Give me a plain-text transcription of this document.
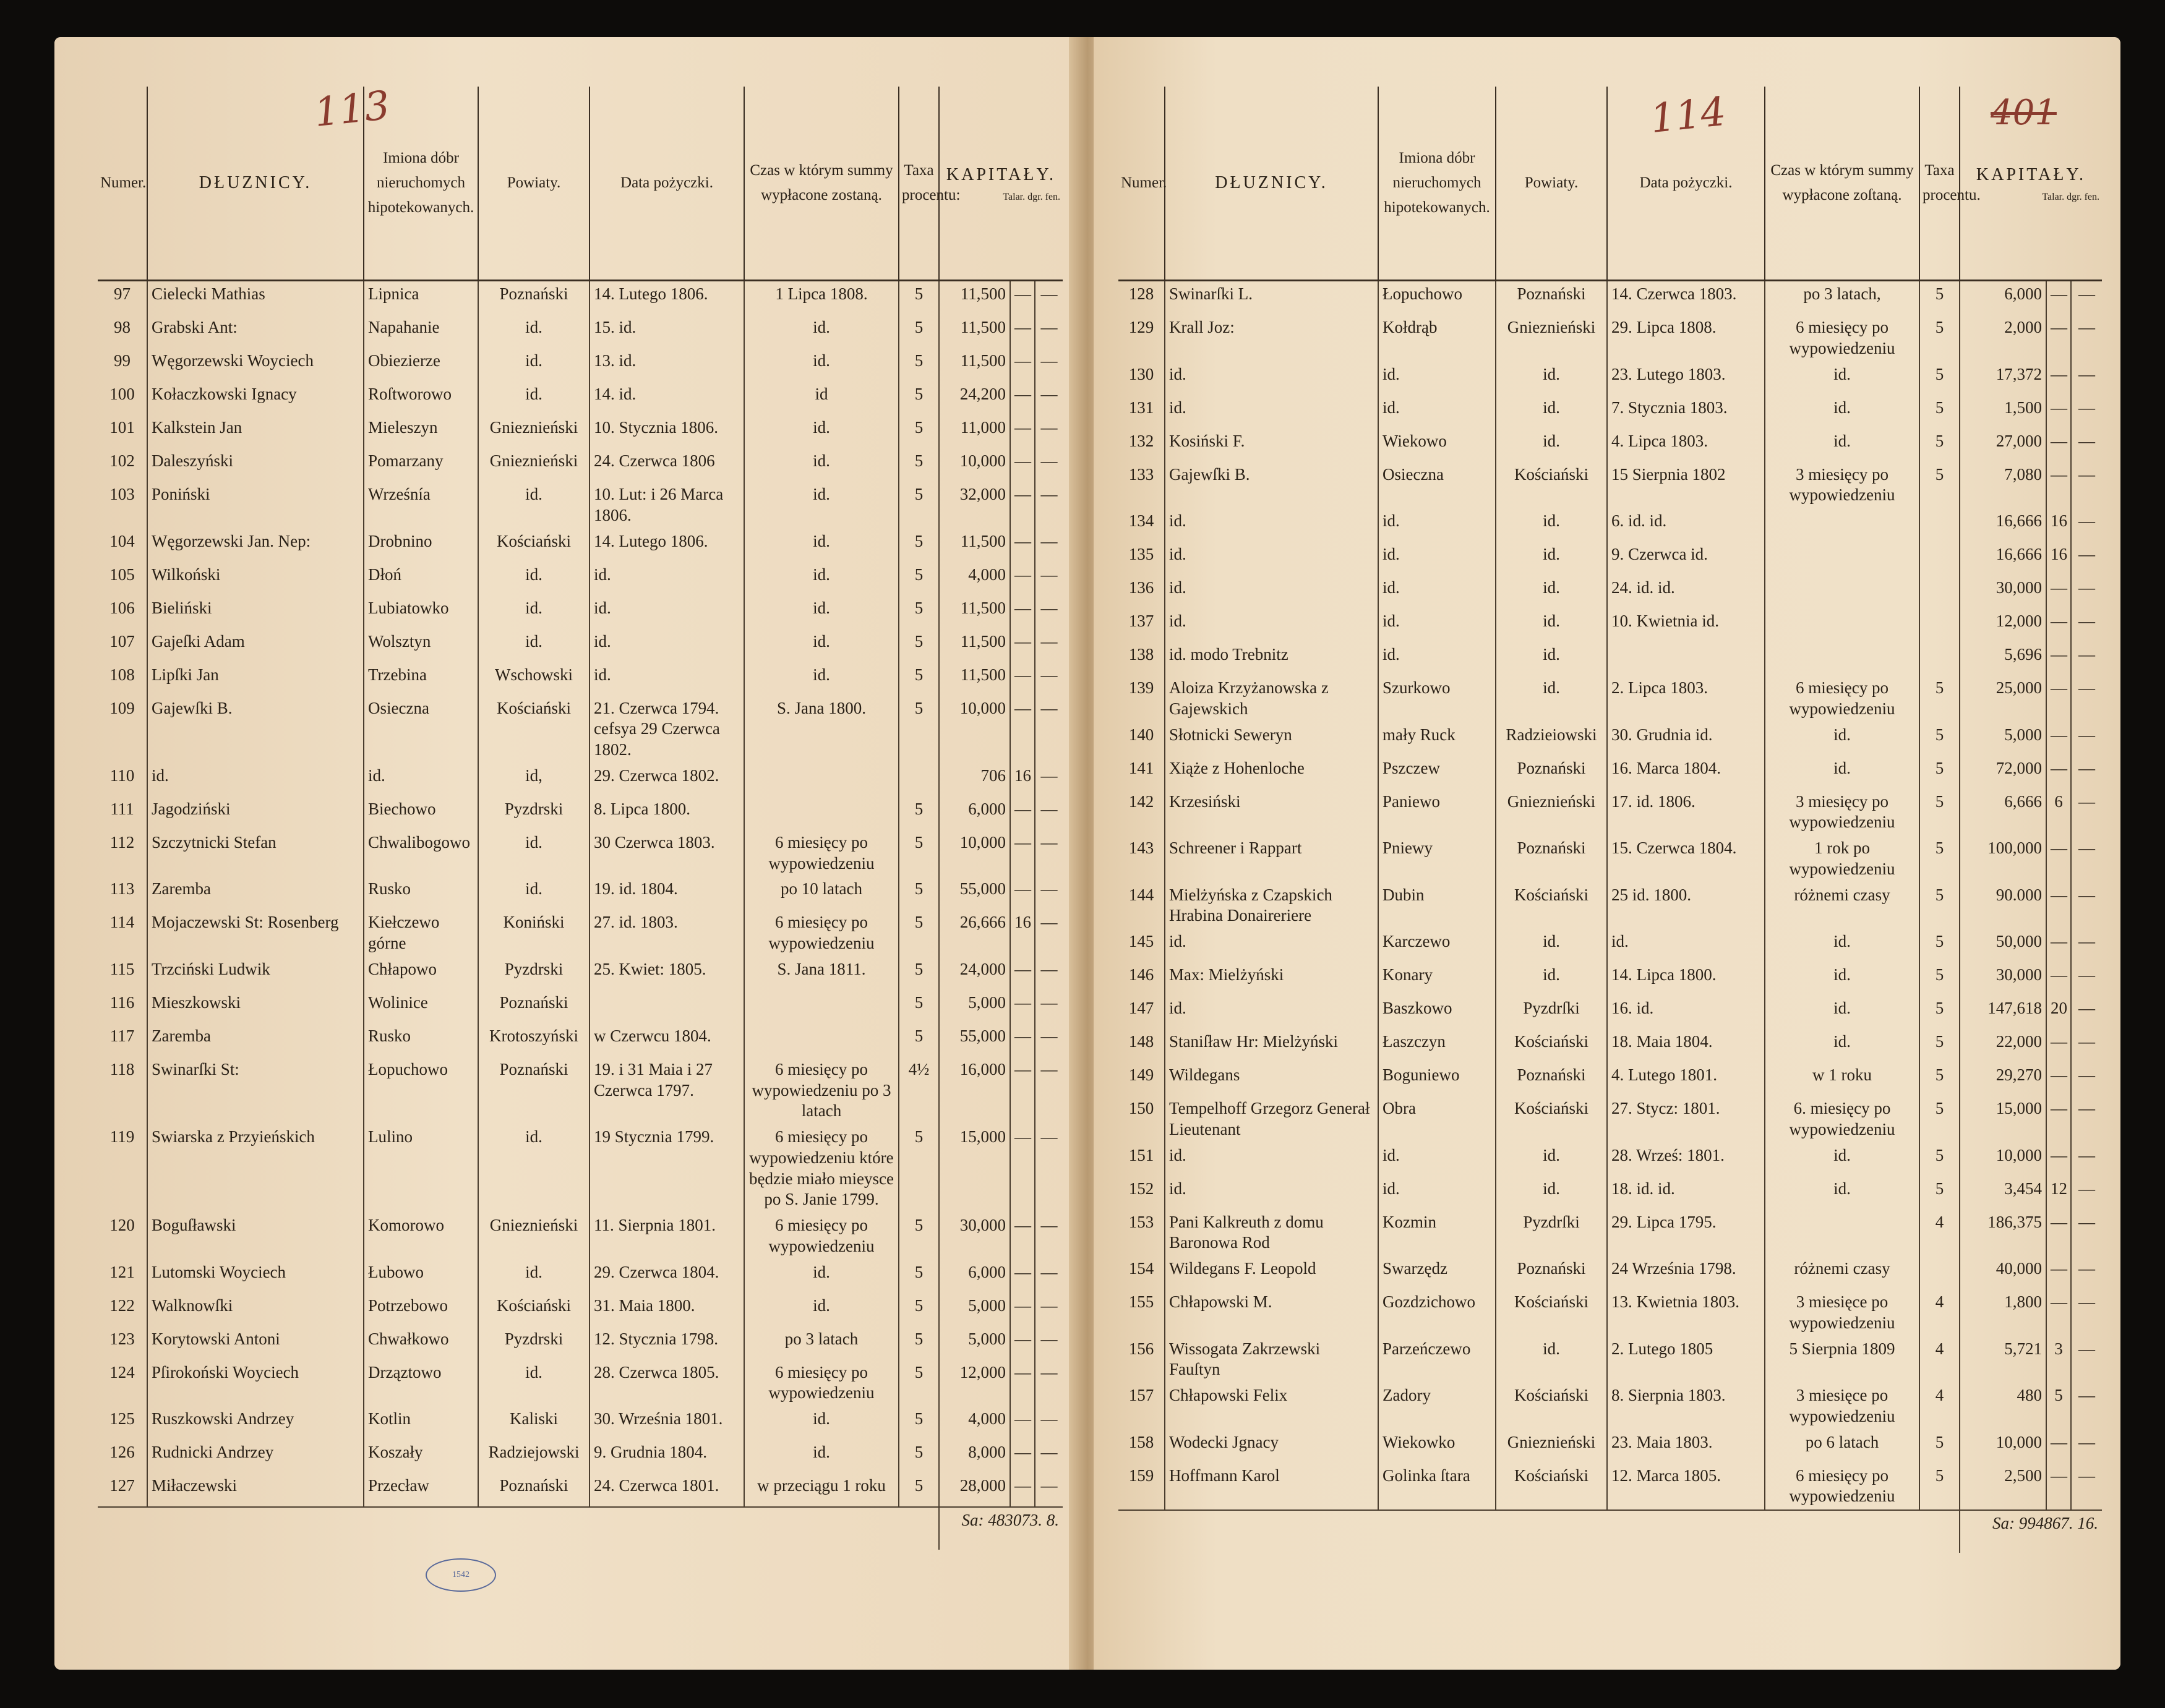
113
Numer.	DŁUZNICY.	Imiona dóbr nieruchomych hipotekowanych.	Powiaty.	Data pożyczki.	Czas w którym summy wypłacone zostaną.	Taxa procentu:	KAPITAŁY.
Talar. dgr. fen.		

97	Cielecki Mathias	Lipnica	Poznański	14. Lutego 1806.	1 Lipca 1808.	5	11,500	—	—
98	Grabski Ant:	Napahanie	id.	15. id.	id.	5	11,500	—	—
99	Węgorzewski Woyciech	Obiezierze	id.	13. id.	id.	5	11,500	—	—
100	Kołaczkowski Ignacy	Roſtworowo	id.	14. id.	id	5	24,200	—	—
101	Kalkstein Jan	Mieleszyn	Gnieznieński	10. Stycznia 1806.	id.	5	11,000	—	—
102	Daleszyński	Pomarzany	Gnieznieński	24. Czerwca 1806	id.	5	10,000	—	—
103	Poniński	Wrześnía	id.	10. Lut: i 26 Marca 1806.	id.	5	32,000	—	—
104	Węgorzewski Jan. Nep:	Drobnino	Kościański	14. Lutego 1806.	id.	5	11,500	—	—
105	Wilkoński	Dłoń	id.	id.	id.	5	4,000	—	—
106	Bieliński	Lubiatowko	id.	id.	id.	5	11,500	—	—
107	Gajeſki Adam	Wolsztyn	id.	id.	id.	5	11,500	—	—
108	Lipſki Jan	Trzebina	Wschowski	id.	id.	5	11,500	—	—
109	Gajewſki B.	Osieczna	Kościański	21. Czerwca 1794. cefsya 29 Czerwca 1802.	S. Jana 1800.	5	10,000	—	—
110	id.	id.	id,	29. Czerwca 1802.			706	16	—
111	Jagodziński	Biechowo	Pyzdrski	8. Lipca 1800.		5	6,000	—	—
112	Szczytnicki Stefan	Chwalibogowo	id.	30 Czerwca 1803.	6 miesięcy po wypowiedzeniu	5	10,000	—	—
113	Zaremba	Rusko	id.	19. id. 1804.	po 10 latach	5	55,000	—	—
114	Mojaczewski St: Rosenberg	Kiełczewo górne	Koniński	27. id. 1803.	6 miesięcy po wypowiedzeniu	5	26,666	16	—
115	Trzciński Ludwik	Chłapowo	Pyzdrski	25. Kwiet: 1805.	S. Jana 1811.	5	24,000	—	—
116	Mieszkowski	Wolinice	Poznański			5	5,000	—	—
117	Zaremba	Rusko	Krotoszyński	w Czerwcu 1804.		5	55,000	—	—
118	Swinarſki St:	Łopuchowo	Poznański	19. i 31 Maia i 27 Czerwca 1797.	6 miesięcy po wypowiedzeniu po 3 latach	4½	16,000	—	—
119	Swiarska z Przyieńskich	Lulino	id.	19 Stycznia 1799.	6 miesięcy po wypowiedzeniu które będzie miało mieysce po S. Janie 1799.	5	15,000	—	—
120	Boguſławski	Komorowo	Gnieznieński	11. Sierpnia 1801.	6 miesięcy po wypowiedzeniu	5	30,000	—	—
121	Lutomski Woyciech	Łubowo	id.	29. Czerwca 1804.	id.	5	6,000	—	—
122	Walknowſki	Potrzebowo	Kościański	31. Maia 1800.	id.	5	5,000	—	—
123	Korytowski Antoni	Chwałkowo	Pyzdrski	12. Stycznia 1798.	po 3 latach	5	5,000	—	—
124	Pſirokoński Woyciech	Drząztowo	id.	28. Czerwca 1805.	6 miesięcy po wypowiedzeniu	5	12,000	—	—
125	Ruszkowski Andrzey	Kotlin	Kaliski	30. Września 1801.	id.	5	4,000	—	—
126	Rudnicki Andrzey	Koszały	Radziejowski	9. Grudnia 1804.	id.	5	8,000	—	—
127	Miłaczewski	Przecław	Poznański	24. Czerwca 1801.	w przeciągu 1 roku	5	28,000	—	—
							Sa: 483073. 8.		
1542
114	401
Numer.	DŁUZNICY.	Imiona dóbr nieruchomych hipotekowanych.	Powiaty.	Data pożyczki.	Czas w którym summy wypłacone zoſtaną.	Taxa procentu.	KAPITAŁY.
Talar. dgr. fen.		

128	Swinarſki L.	Łopuchowo	Poznański	14. Czerwca 1803.	po 3 latach,	5	6,000	—	—
129	Krall Joz:	Kołdrąb	Gnieznieński	29. Lipca 1808.	6 miesięcy po wypowiedzeniu	5	2,000	—	—
130	id.	id.	id.	23. Lutego 1803.	id.	5	17,372	—	—
131	id.	id.	id.	7. Stycznia 1803.	id.	5	1,500	—	—
132	Kosiński F.	Wiekowo	id.	4. Lipca 1803.	id.	5	27,000	—	—
133	Gajewſki B.	Osieczna	Kościański	15 Sierpnia 1802	3 miesięcy po wypowiedzeniu	5	7,080	—	—
134	id.	id.	id.	6. id. id.			16,666	16	—
135	id.	id.	id.	9. Czerwca id.			16,666	16	—
136	id.	id.	id.	24. id. id.			30,000	—	—
137	id.	id.	id.	10. Kwietnia id.			12,000	—	—
138	id. modo Trebnitz	id.	id.				5,696	—	—
139	Aloiza Krzyżanowska z Gajewskich	Szurkowo	id.	2. Lipca 1803.	6 miesięcy po wypowiedzeniu	5	25,000	—	—
140	Słotnicki Seweryn	mały Ruck	Radzieiowski	30. Grudnia id.	id.	5	5,000	—	—
141	Xiąże z Hohenloche	Pszczew	Poznański	16. Marca 1804.	id.	5	72,000	—	—
142	Krzesiński	Paniewo	Gnieznieński	17. id. 1806.	3 miesięcy po wypowiedzeniu	5	6,666	6	—
143	Schreener i Rappart	Pniewy	Poznański	15. Czerwca 1804.	1 rok po wypowiedzeniu	5	100,000	—	—
144	Mielżyńska z Czapskich Hrabina Donaireriere	Dubin	Kościański	25 id. 1800.	różnemi czasy	5	90.000	—	—
145	id.	Karczewo	id.	id.	id.	5	50,000	—	—
146	Max: Mielżyński	Konary	id.	14. Lipca 1800.	id.	5	30,000	—	—
147	id.	Baszkowo	Pyzdrſki	16. id.	id.	5	147,618	20	—
148	Staniſław Hr: Mielżyński	Łaszczyn	Kościański	18. Maia 1804.	id.	5	22,000	—	—
149	Wildegans	Boguniewo	Poznański	4. Lutego 1801.	w 1 roku	5	29,270	—	—
150	Tempelhoff Grzegorz Generał Lieutenant	Obra	Kościański	27. Stycz: 1801.	6. miesięcy po wypowiedzeniu	5	15,000	—	—
151	id.	id.	id.	28. Wrześ: 1801.	id.	5	10,000	—	—
152	id.	id.	id.	18. id. id.	id.	5	3,454	12	—
153	Pani Kalkreuth z domu Baronowa Rod	Kozmin	Pyzdrſki	29. Lipca 1795.		4	186,375	—	—
154	Wildegans F. Leopold	Swarzędz	Poznański	24 Września 1798.	różnemi czasy		40,000	—	—
155	Chłapowski M.	Gozdzichowo	Kościański	13. Kwietnia 1803.	3 miesięce po wypowiedzeniu	4	1,800	—	—
156	Wissogata Zakrzewski Fauſtyn	Parzeńczewo	id.	2. Lutego 1805	5 Sierpnia 1809	4	5,721	3	—
157	Chłapowski Felix	Zadory	Kościański	8. Sierpnia 1803.	3 miesięce po wypowiedzeniu	4	480	5	—
158	Wodecki Jgnacy	Wiekowko	Gnieznieński	23. Maia 1803.	po 6 latach	5	10,000	—	—
159	Hoffmann Karol	Golinka ſtara	Kościański	12. Marca 1805.	6 miesięcy po wypowiedzeniu	5	2,500	—	—
							Sa: 994867. 16.		
